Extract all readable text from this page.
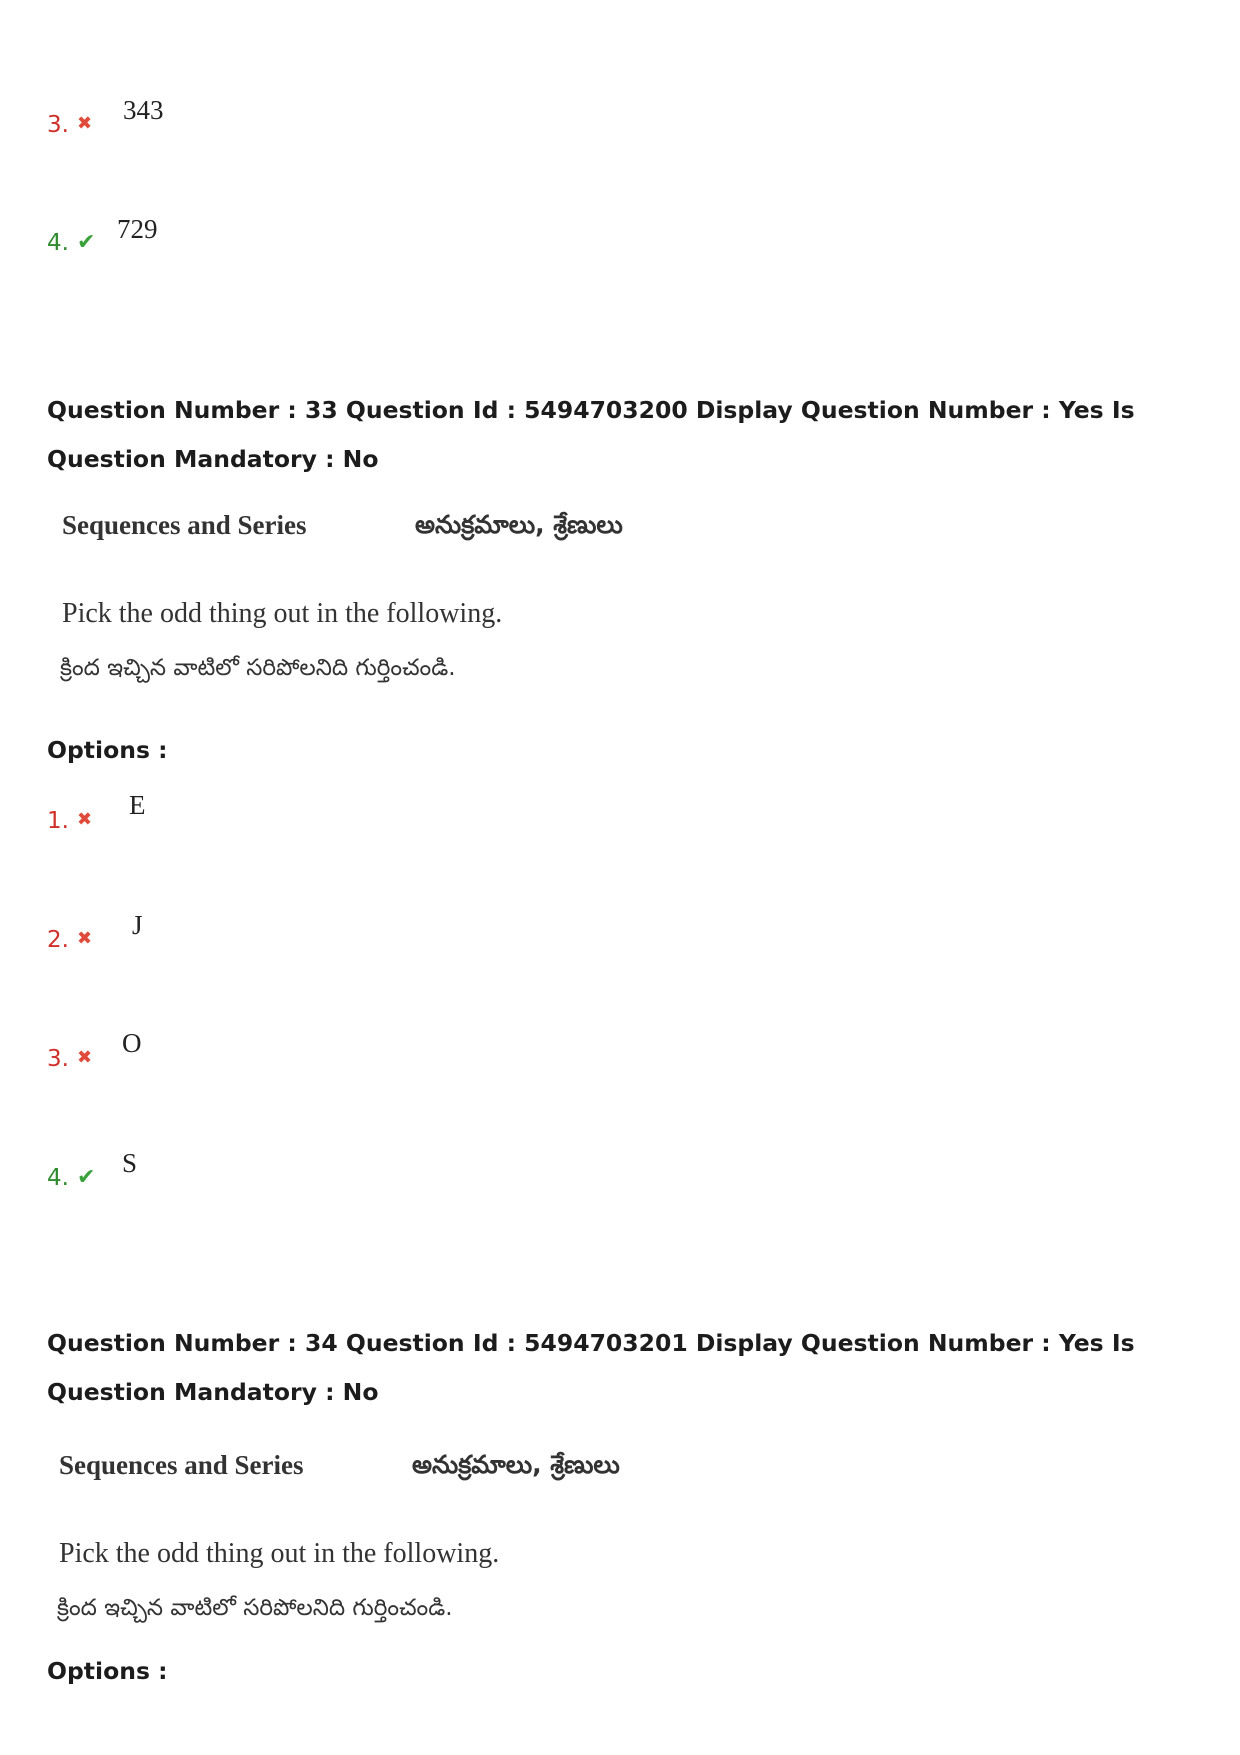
3. ✖ 343
4. ✔ 729
Question Number : 33 Question Id : 5494703200 Display Question Number : Yes Is Question Mandatory : No
Sequences and Series	అనుక్రమాలు, శ్రేణులు
Pick the odd thing out in the following.
క్రింద ఇచ్చిన వాటిలో సరిపోలనిది గుర్తించండి.
Options :
1. ✖ E
2. ✖ J
3. ✖ O
4. ✔ S
Question Number : 34 Question Id : 5494703201 Display Question Number : Yes Is Question Mandatory : No
Sequences and Series	అనుక్రమాలు, శ్రేణులు
Pick the odd thing out in the following.
క్రింద ఇచ్చిన వాటిలో సరిపోలనిది గుర్తించండి.
Options :
